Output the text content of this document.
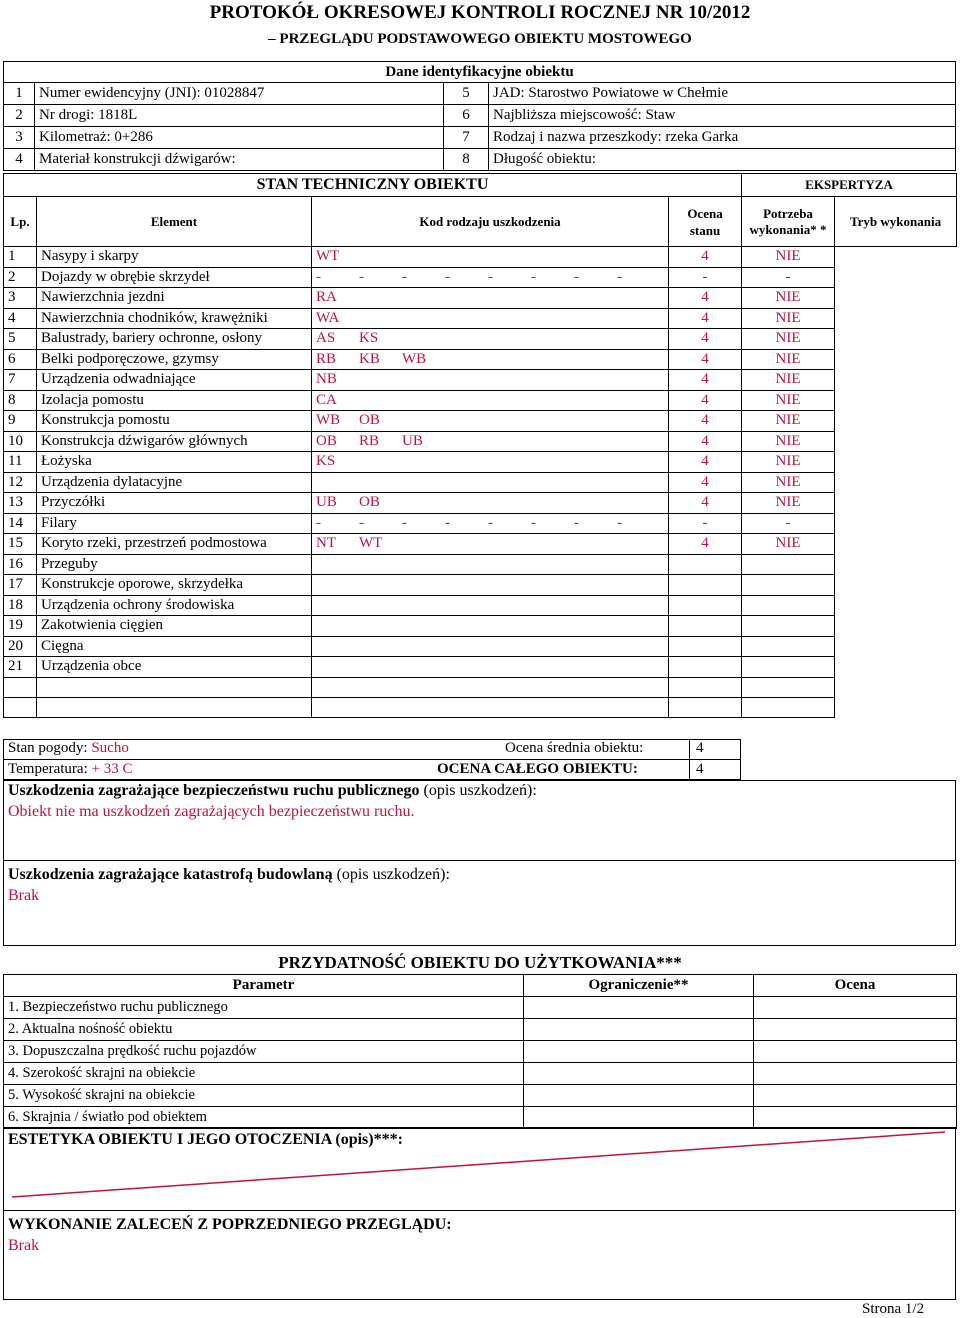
PROTOKÓŁ OKRESOWEJ KONTROLI ROCZNEJ NR 10/2012
– PRZEGLĄDU PODSTAWOWEGO OBIEKTU MOSTOWEGO
Dane identyfikacyjne obiektu			
1	Numer ewidencyjny (JNI): 01028847	5	JAD: Starostwo Powiatowe w Chełmie
2	Nr drogi: 1818L	6	Najbliższa miejscowość: Staw
3	Kilometraż: 0+286	7	Rodzaj i nazwa przeszkody: rzeka Garka
4	Materiał konstrukcji dźwigarów:	8	Długość obiektu:
STAN TECHNICZNY OBIEKTU				EKSPERTYZA	
Lp.	Element	Kod rodzaju uszkodzenia	Ocena stanu	Potrzeba wykonania* *	Tryb wykonania
1	Nasypy i skarpy	WT	4	NIE	
2	Dojazdy w obrębie skrzydeł	- - - - - - - -	-	-	
3	Nawierzchnia jezdni	RA	4	NIE	
4	Nawierzchnia chodników, krawężniki	WA	4	NIE	
5	Balustrady, bariery ochronne, osłony	AS KS	4	NIE	
6	Belki podporęczowe, gzymsy	RB KB WB	4	NIE	
7	Urządzenia odwadniające	NB	4	NIE	
8	Izolacja pomostu	CA	4	NIE	
9	Konstrukcja pomostu	WB OB	4	NIE	
10	Konstrukcja dźwigarów głównych	OB RB UB	4	NIE	
11	Łożyska	KS	4	NIE	
12	Urządzenia dylatacyjne		4	NIE	
13	Przyczółki	UB OB	4	NIE	
14	Filary	- - - - - - - -	-	-	
15	Koryto rzeki, przestrzeń podmostowa	NT WT	4	NIE	
16	Przeguby				
17	Konstrukcje oporowe, skrzydełka				
18	Urządzenia ochrony środowiska				
19	Zakotwienia cięgien				
20	Cięgna				
21	Urządzenia obce				

Stan pogody: Sucho	Ocena średnia obiektu:	4
Temperatura: + 33 C	OCENA CAŁEGO OBIEKTU:	4
Uszkodzenia zagrażające bezpieczeństwu ruchu publicznego (opis uszkodzeń):
Obiekt nie ma uszkodzeń zagrażających bezpieczeństwu ruchu.
Uszkodzenia zagrażające katastrofą budowlaną (opis uszkodzeń):
Brak
PRZYDATNOŚĆ OBIEKTU DO UŻYTKOWANIA***
Parametr	Ograniczenie**	Ocena
1. Bezpieczeństwo ruchu publicznego		
2. Aktualna nośność obiektu		
3. Dopuszczalna prędkość ruchu pojazdów		
4. Szerokość skrajni na obiekcie		
5. Wysokość skrajni na obiekcie		
6. Skrajnia / światło pod obiektem		
ESTETYKA OBIEKTU I JEGO OTOCZENIA (opis)***:
WYKONANIE ZALECEŃ Z POPRZEDNIEGO PRZEGLĄDU:
Brak
Strona 1/2
